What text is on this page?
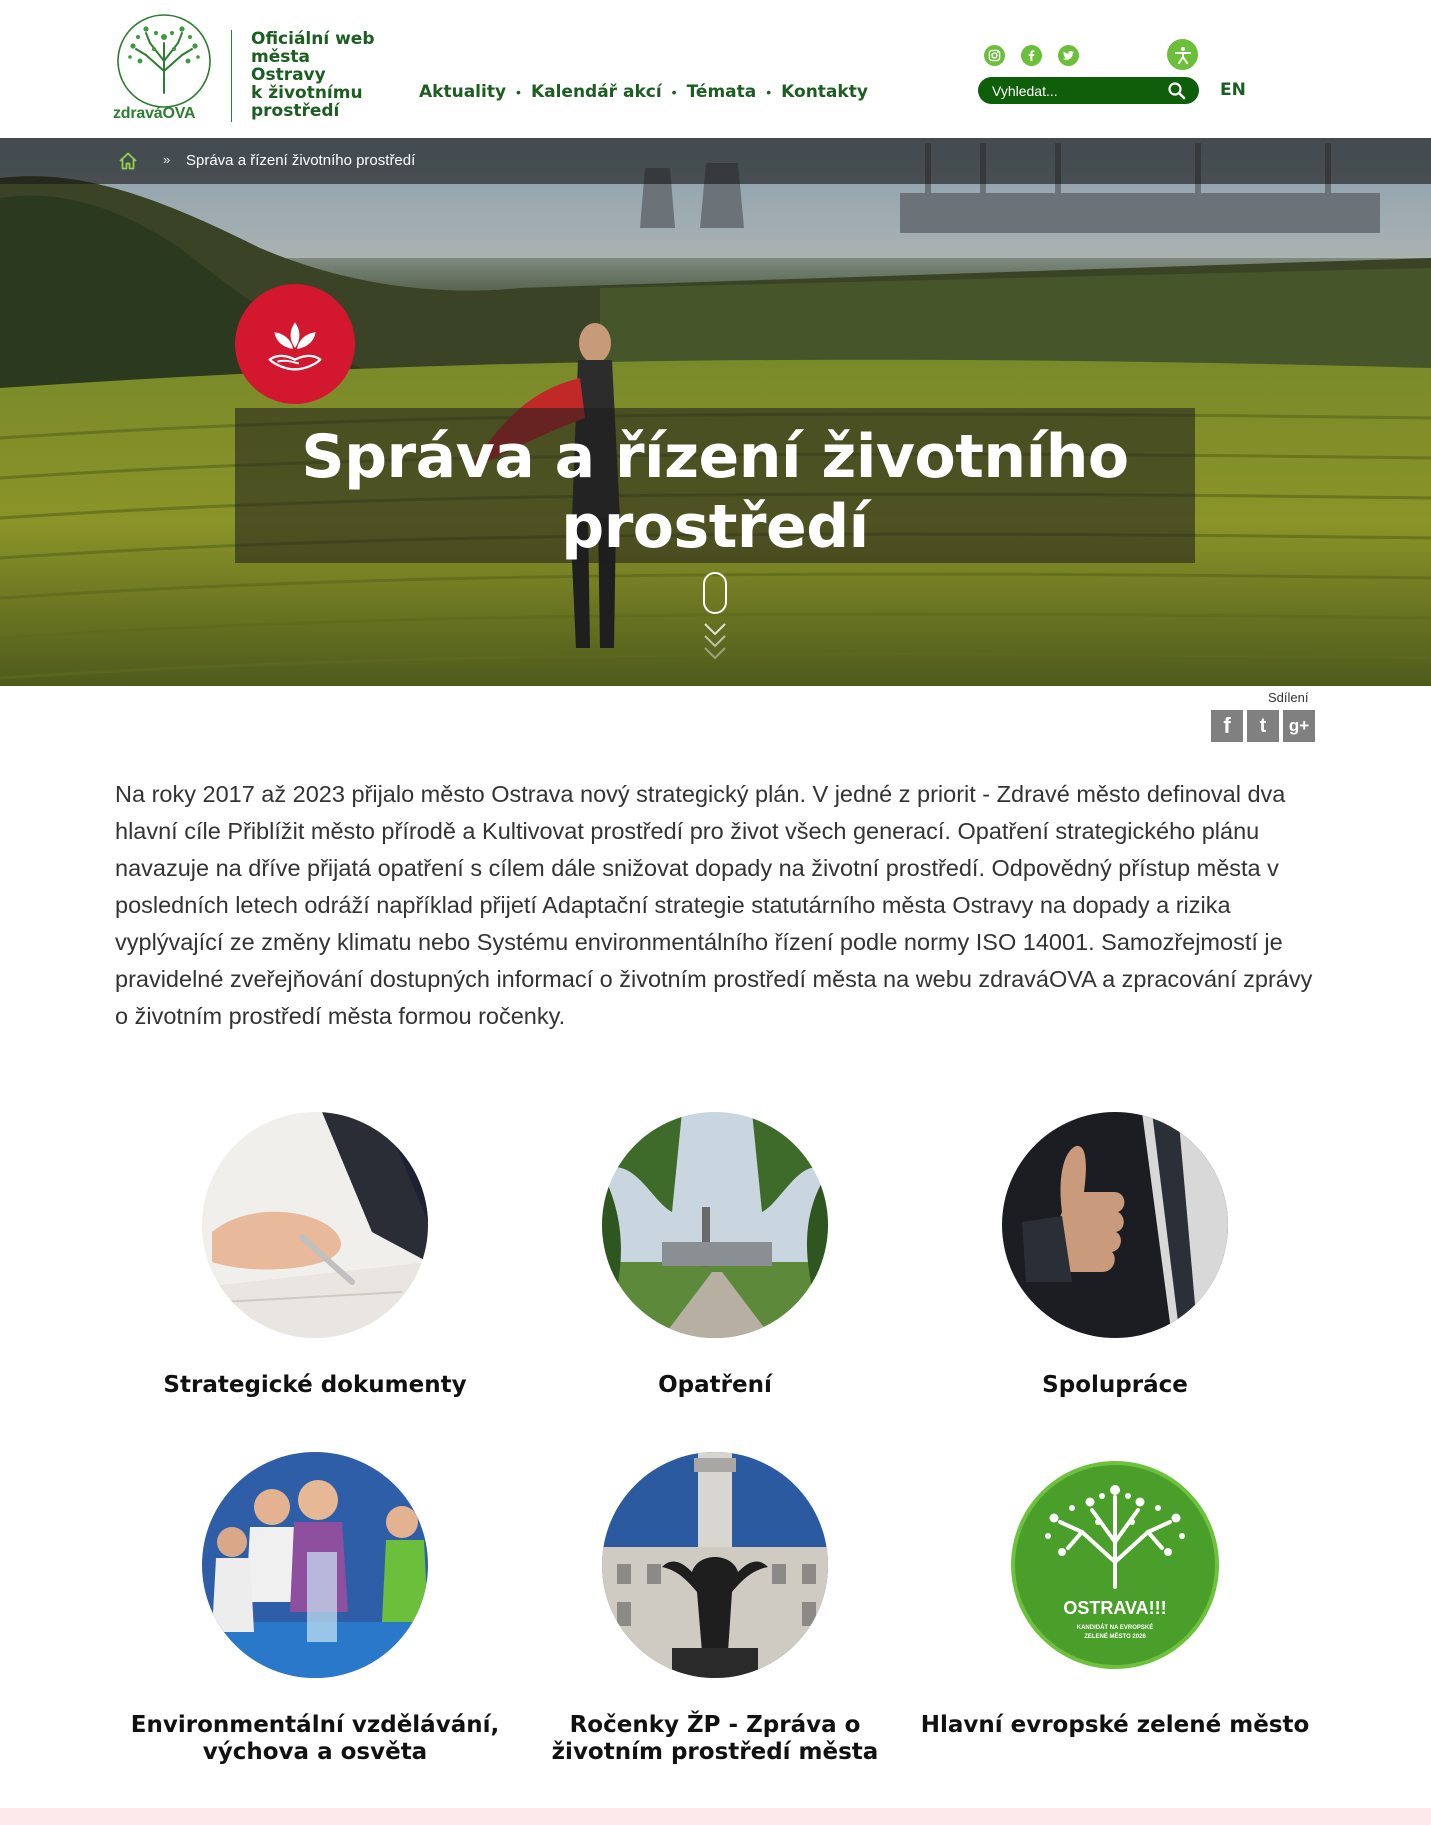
zdraváOVA
Oficiální web
města
Ostravy
k životnímu
prostředí
Aktuality • Kalendář akcí • Témata • Kontakty
Vyhledat...	EN
» Správa a řízení životního prostředí
Správa a řízení životního
prostředí
Sdílení
f	t	g+

Na roky 2017 až 2023 přijalo město Ostrava nový strategický plán. V jedné z priorit - Zdravé město definoval dva hlavní cíle Přiblížit město přírodě a Kultivovat prostředí pro život všech generací. Opatření strategického plánu navazuje na dříve přijatá opatření s cílem dále snižovat dopady na životní prostředí. Odpovědný přístup města v posledních letech odráží například přijetí Adaptační strategie statutárního města Ostravy na dopady a rizika vyplývající ze změny klimatu nebo Systému environmentálního řízení podle normy ISO 14001. Samozřejmostí je pravidelné zveřejňování dostupných informací o životním prostředí města na webu zdraváOVA a zpracování zprávy o životním prostředí města formou ročenky.

Strategické dokumenty	Opatření	Spolupráce
Environmentální vzdělávání, výchova a osvěta
Ročenky ŽP - Zpráva o životním prostředí města
OSTRAVA!!!
KANDIDÁT NA EVROPSKÉ
ZELENÉ MĚSTO 2026
Hlavní evropské zelené město
